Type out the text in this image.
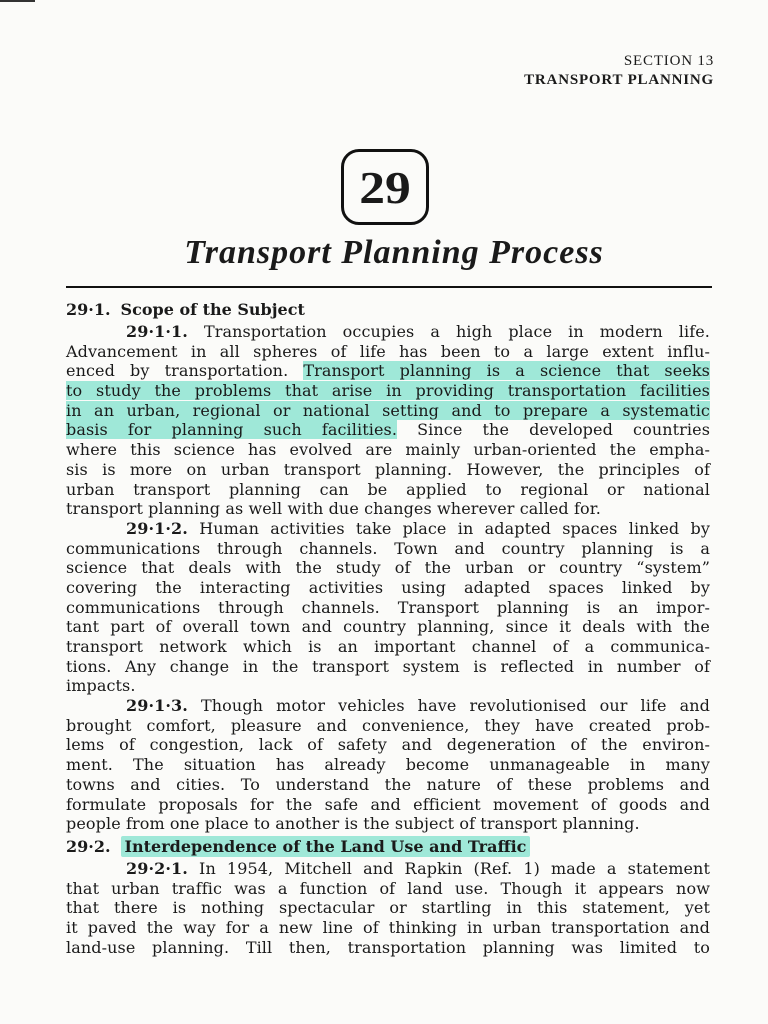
SECTION 13
TRANSPORT PLANNING
29
Transport Planning Process
29·1. Scope of the Subject
29·1·1. Transportation occupies a high place in modern life.
Advancement in all spheres of life has been to a large extent influ-
enced by transportation. Transport planning is a science that seeks
to study the problems that arise in providing transportation facilities
in an urban, regional or national setting and to prepare a systematic
basis for planning such facilities. Since the developed countries
where this science has evolved are mainly urban-oriented the empha-
sis is more on urban transport planning. However, the principles of
urban transport planning can be applied to regional or national
transport planning as well with due changes wherever called for.
29·1·2. Human activities take place in adapted spaces linked by
communications through channels. Town and country planning is a
science that deals with the study of the urban or country “system”
covering the interacting activities using adapted spaces linked by
communications through channels. Transport planning is an impor-
tant part of overall town and country planning, since it deals with the
transport network which is an important channel of a communica-
tions. Any change in the transport system is reflected in number of
impacts.
29·1·3. Though motor vehicles have revolutionised our life and
brought comfort, pleasure and convenience, they have created prob-
lems of congestion, lack of safety and degeneration of the environ-
ment. The situation has already become unmanageable in many
towns and cities. To understand the nature of these problems and
formulate proposals for the safe and efficient movement of goods and
people from one place to another is the subject of transport planning.
29·2. Interdependence of the Land Use and Traffic
29·2·1. In 1954, Mitchell and Rapkin (Ref. 1) made a statement
that urban traffic was a function of land use. Though it appears now
that there is nothing spectacular or startling in this statement, yet
it paved the way for a new line of thinking in urban transportation and
land-use planning. Till then, transportation planning was limited to
